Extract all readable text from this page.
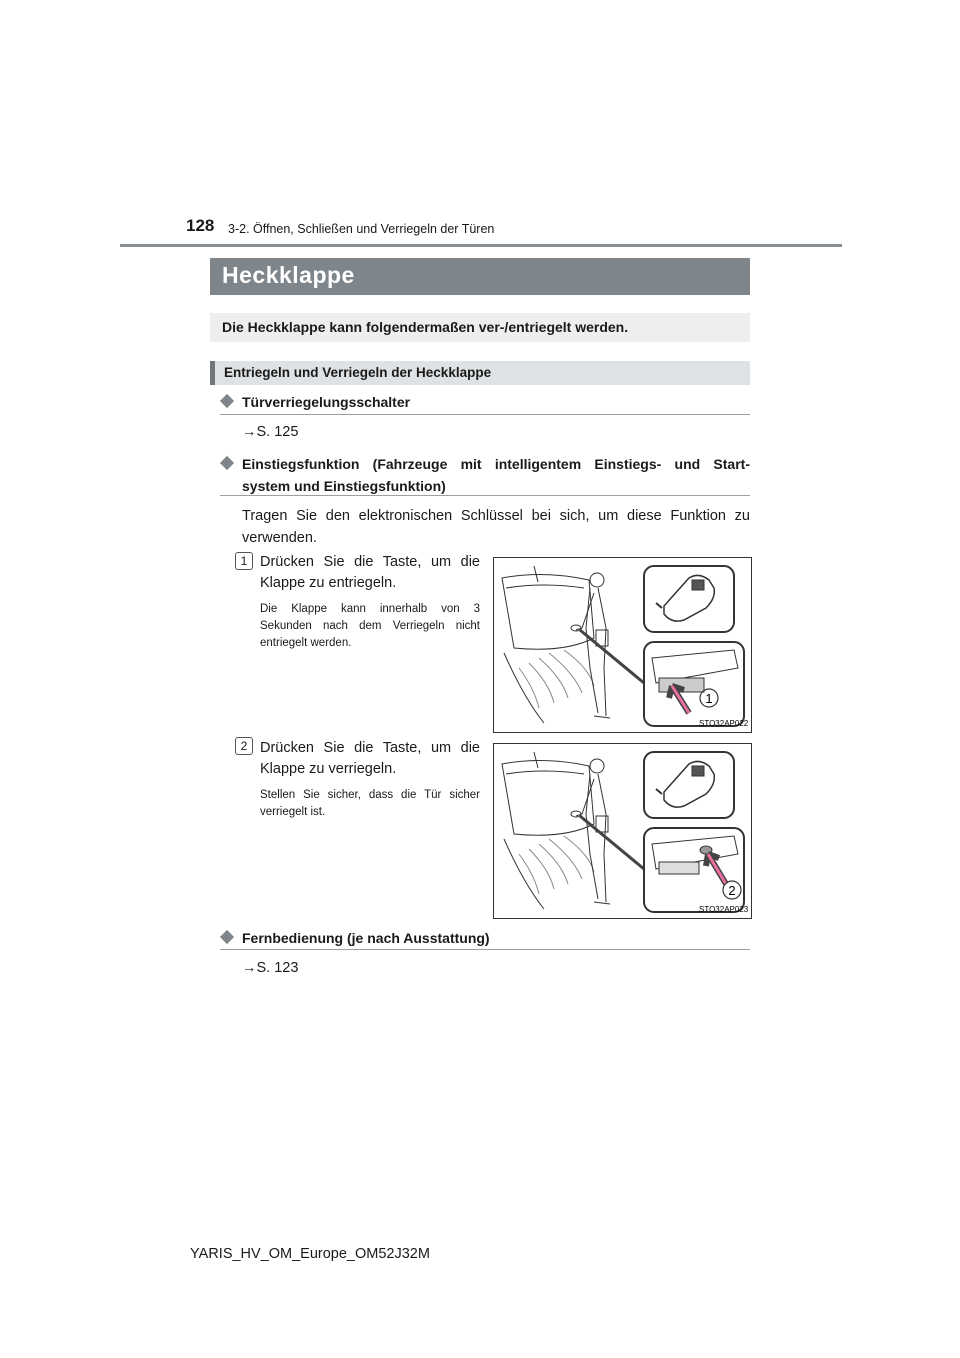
128 3-2. Öffnen, Schließen und Verriegeln der Türen
Heckklappe
Die Heckklappe kann folgendermaßen ver-/entriegelt werden.
Entriegeln und Verriegeln der Heckklappe
Türverriegelungsschalter
→S. 125
Einstiegsfunktion (Fahrzeuge mit intelligentem Einstiegs- und Start-
system und Einstiegsfunktion)
Tragen Sie den elektronischen Schlüssel bei sich, um diese Funktion zu verwenden.
1 Drücken Sie die Taste, um die Klappe zu entriegeln.
Die Klappe kann innerhalb von 3 Sekunden nach dem Verriegeln nicht entriegelt werden.
1
STO32AP022
2 Drücken Sie die Taste, um die Klappe zu verriegeln.
Stellen Sie sicher, dass die Tür sicher verriegelt ist.
2
STO32AP023
Fernbedienung (je nach Ausstattung)
→S. 123
YARIS_HV_OM_Europe_OM52J32M
